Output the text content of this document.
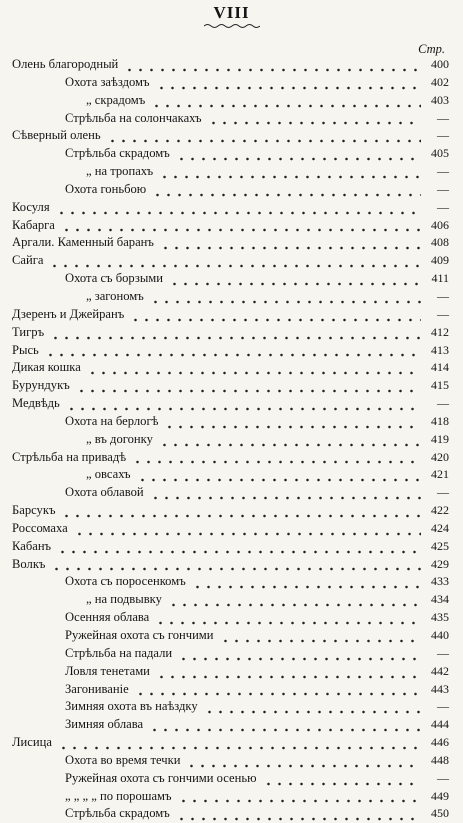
VIII
Стр.
Олень благородный	400
Охота заѣздомъ	402
„ скрадомъ	403
Стрѣльба на солончакахъ	—
Сѣверный олень	—
Стрѣльба скрадомъ	405
„ на тропахъ	—
Охота гоньбою	—
Косуля	—
Кабарга	406
Аргали. Каменный баранъ	408
Сайга	409
Охота съ борзыми	411
„ загономъ	—
Дзеренъ и Джейранъ	—
Тигръ	412
Рысь	413
Дикая кошка	414
Бурундукъ	415
Медвѣдь	—
Охота на берлогѣ	418
„ въ догонку	419
Стрѣльба на привадѣ	420
„ овсахъ	421
Охота облавой	—
Барсукъ	422
Россомаха	424
Кабанъ	425
Волкъ	429
Охота съ поросенкомъ	433
„ на подвывку	434
Осенняя облава	435
Ружейная охота съ гончими	440
Стрѣльба на падали	—
Ловля тенетами	442
Загониваніе	443
Зимняя охота въ наѣздку	—
Зимняя облава	444
Лисица	446
Охота во время течки	448
Ружейная охота съ гончими осенью	—
„ „ „ „ по порошамъ	449
Стрѣльба скрадомъ	450
